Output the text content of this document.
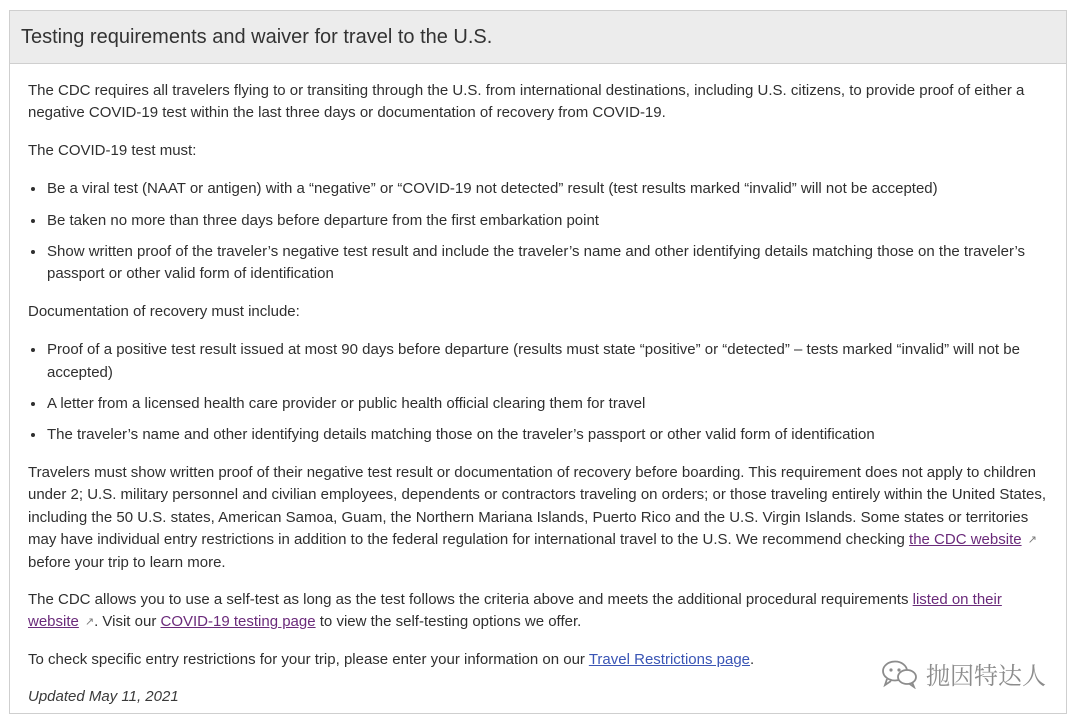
Testing requirements and waiver for travel to the U.S.

The CDC requires all travelers flying to or transiting through the U.S. from international destinations, including U.S. citizens, to provide proof of either a negative COVID-19 test within the last three days or documentation of recovery from COVID-19.

The COVID-19 test must:

• Be a viral test (NAAT or antigen) with a “negative” or “COVID-19 not detected” result (test results marked “invalid” will not be accepted)
• Be taken no more than three days before departure from the first embarkation point
• Show written proof of the traveler’s negative test result and include the traveler’s name and other identifying details matching those on the traveler’s passport or other valid form of identification

Documentation of recovery must include:

• Proof of a positive test result issued at most 90 days before departure (results must state “positive” or “detected” – tests marked “invalid” will not be accepted)
• A letter from a licensed health care provider or public health official clearing them for travel
• The traveler’s name and other identifying details matching those on the traveler’s passport or other valid form of identification

Travelers must show written proof of their negative test result or documentation of recovery before boarding. This requirement does not apply to children under 2; U.S. military personnel and civilian employees, dependents or contractors traveling on orders; or those traveling entirely within the United States, including the 50 U.S. states, American Samoa, Guam, the Northern Mariana Islands, Puerto Rico and the U.S. Virgin Islands. Some states or territories may have individual entry restrictions in addition to the federal regulation for international travel to the U.S. We recommend checking the CDC website ↗ before your trip to learn more.

The CDC allows you to use a self-test as long as the test follows the criteria above and meets the additional procedural requirements listed on their website ↗. Visit our COVID-19 testing page to view the self-testing options we offer.

To check specific entry restrictions for your trip, please enter your information on our Travel Restrictions page.

Updated May 11, 2021

抛因特达人
